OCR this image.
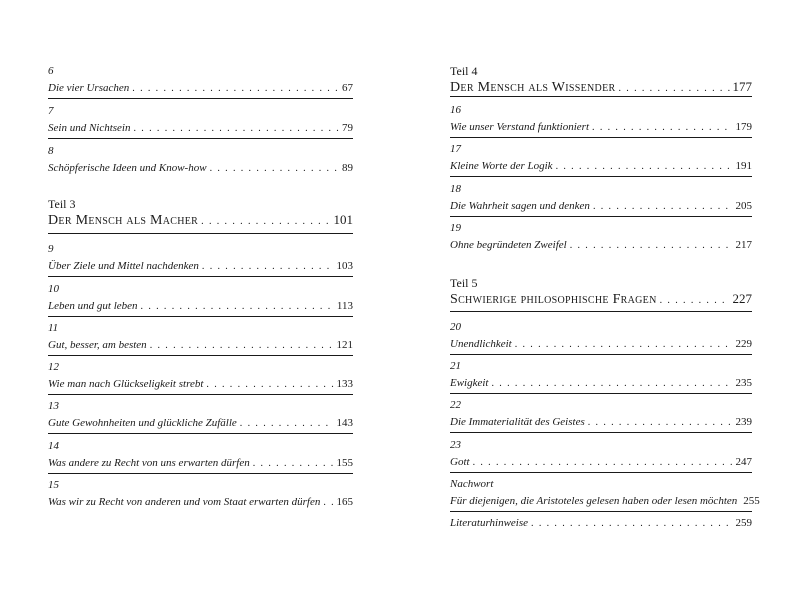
6
Die vier Ursachen . . .	67
7
Sein und Nichtsein . . .	79
8
Schöpferische Ideen und Know-how . . .	89
Teil 3
Der Mensch als Macher . . .	101
9
Über Ziele und Mittel nachdenken . . .	103
10
Leben und gut leben . . .	113
11
Gut, besser, am besten . . .	121
12
Wie man nach Glückseligkeit strebt . . .	133
13
Gute Gewohnheiten und glückliche Zufälle . . .	143
14
Was andere zu Recht von uns erwarten dürfen . . .	155
15
Was wir zu Recht von anderen und vom Staat erwarten dürfen . . . 165
Teil 4
Der Mensch als Wissender . . .	177
16
Wie unser Verstand funktioniert . . .	179
17
Kleine Worte der Logik . . .	191
18
Die Wahrheit sagen und denken . . .	205
19
Ohne begründeten Zweifel . . .	217
Teil 5
Schwierige philosophische Fragen . . .	227
20
Unendlichkeit . . .	229
21
Ewigkeit . . .	235
22
Die Immaterialität des Geistes . . .	239
23
Gott . . .	247
Nachwort
Für diejenigen, die Aristoteles gelesen haben oder lesen möchten 255
Literaturhinweise . . .	259
